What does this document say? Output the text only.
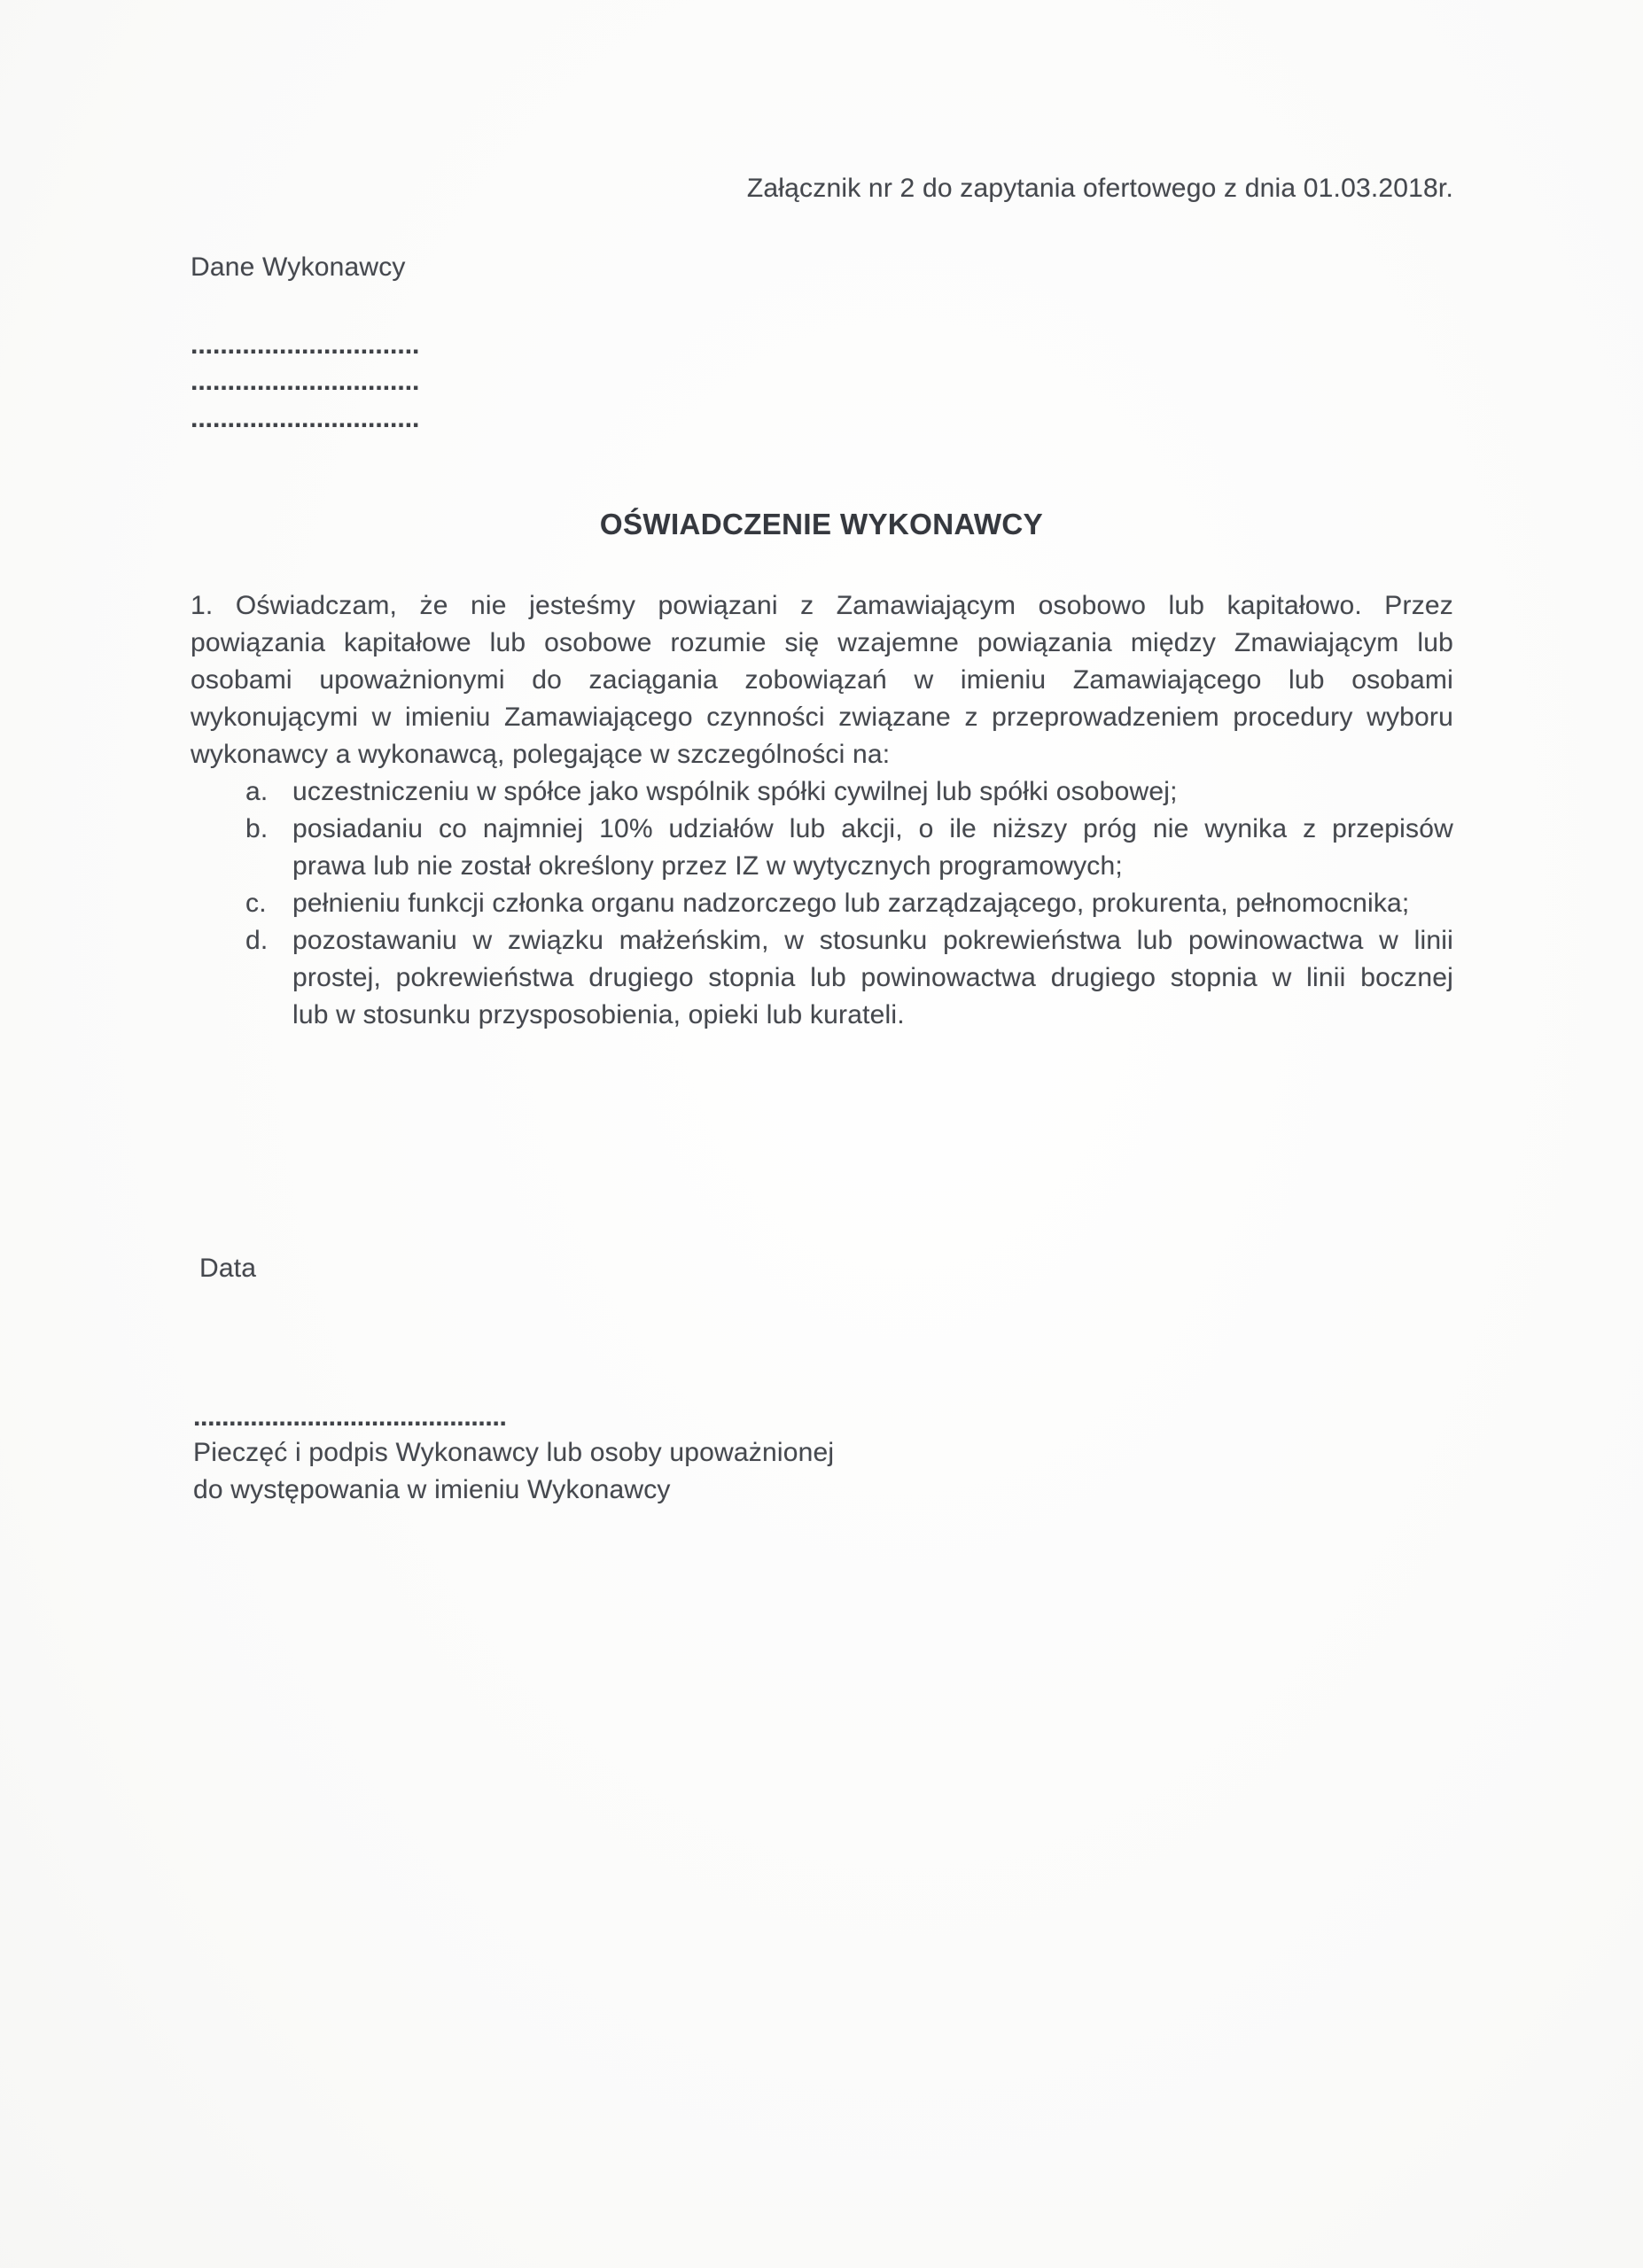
Załącznik nr 2 do zapytania ofertowego z dnia 01.03.2018r.
Dane Wykonawcy
...............................
...............................
...............................
OŚWIADCZENIE WYKONAWCY
1. Oświadczam, że nie jesteśmy powiązani z Zamawiającym osobowo lub kapitałowo. Przez
powiązania kapitałowe lub osobowe rozumie się wzajemne powiązania między Zmawiającym lub
osobami upoważnionymi do zaciągania zobowiązań w imieniu Zamawiającego lub osobami
wykonującymi w imieniu Zamawiającego czynności związane z przeprowadzeniem procedury wyboru
wykonawcy a wykonawcą, polegające w szczególności na:
a. uczestniczeniu w spółce jako wspólnik spółki cywilnej lub spółki osobowej;
b. posiadaniu co najmniej 10% udziałów lub akcji, o ile niższy próg nie wynika z przepisów
prawa lub nie został określony przez IZ w wytycznych programowych;
c. pełnieniu funkcji członka organu nadzorczego lub zarządzającego, prokurenta, pełnomocnika;
d. pozostawaniu w związku małżeńskim, w stosunku pokrewieństwa lub powinowactwa w linii
prostej, pokrewieństwa drugiego stopnia lub powinowactwa drugiego stopnia w linii bocznej
lub w stosunku przysposobienia, opieki lub kurateli.
Data
............................................
Pieczęć i podpis Wykonawcy lub osoby upoważnionej
do występowania w imieniu Wykonawcy
